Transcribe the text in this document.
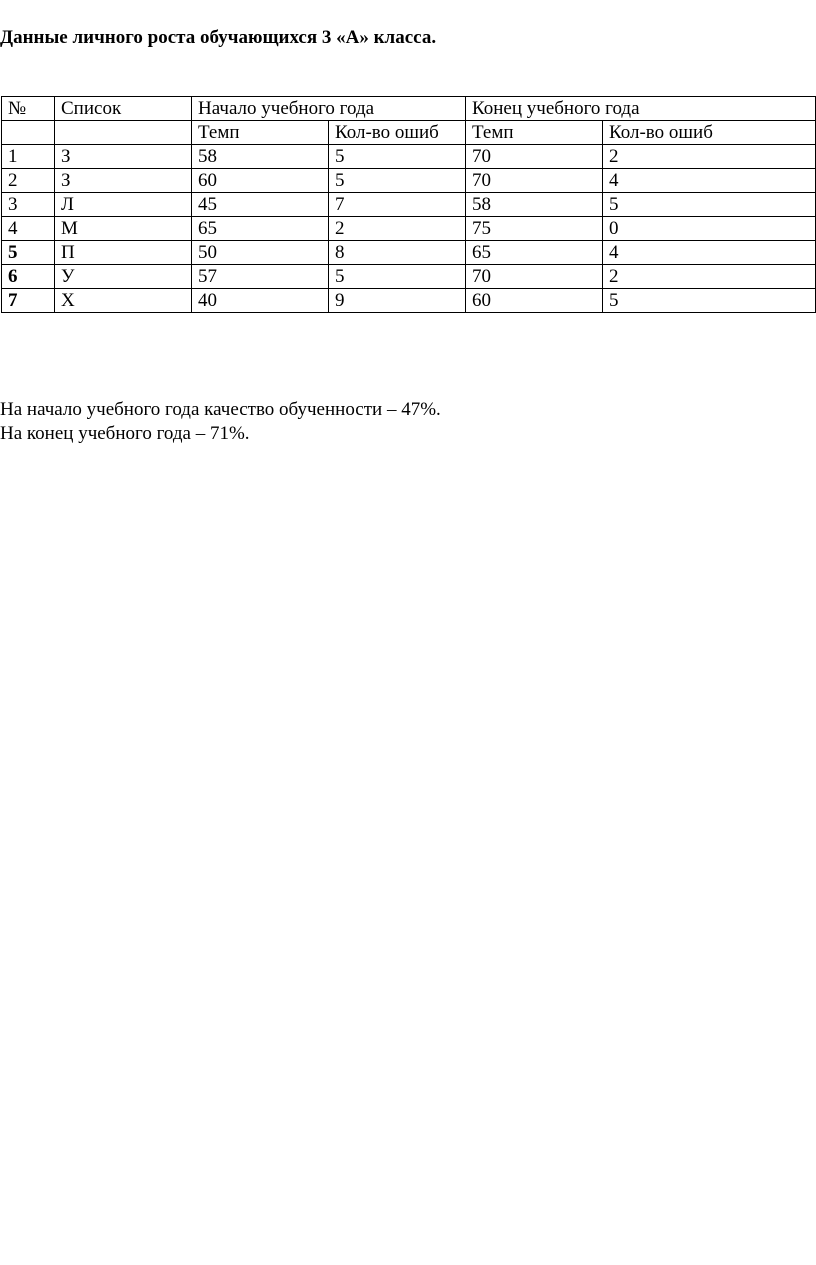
Данные личного роста обучающихся 3 «А» класса.
№	Список	Начало учебного года		Конец учебного года	
		Темп	Кол-во ошиб	Темп	Кол-во ошиб
1	З	58	5	70	2
2	З	60	5	70	4
3	Л	45	7	58	5
4	М	65	2	75	0
5	П	50	8	65	4
6	У	57	5	70	2
7	Х	40	9	60	5
На начало учебного года качество обученности – 47%.
На конец учебного года – 71%.
